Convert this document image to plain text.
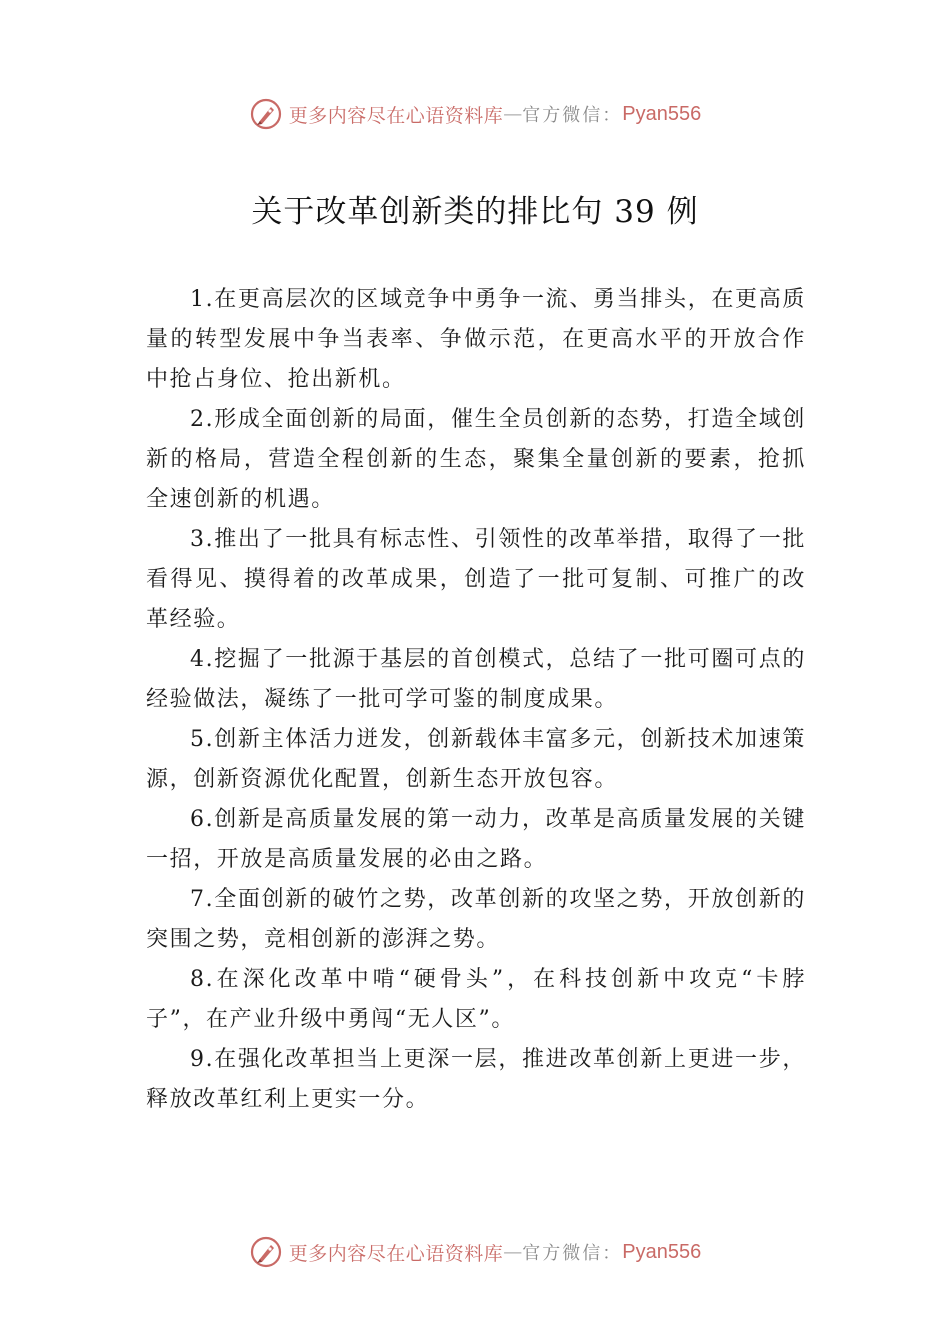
更多内容尽在心语资料库 — 官方微信： Pyan556
关于改革创新类的排比句 39 例

1.在更高层次的区域竞争中勇争一流、勇当排头，在更高质量的转型发展中争当表率、争做示范，在更高水平的开放合作中抢占身位、抢出新机。

2.形成全面创新的局面，催生全员创新的态势，打造全域创新的格局，营造全程创新的生态，聚集全量创新的要素，抢抓全速创新的机遇。

3.推出了一批具有标志性、引领性的改革举措，取得了一批看得见、摸得着的改革成果，创造了一批可复制、可推广的改革经验。

4.挖掘了一批源于基层的首创模式，总结了一批可圈可点的经验做法，凝练了一批可学可鉴的制度成果。

5.创新主体活力迸发，创新载体丰富多元，创新技术加速策源，创新资源优化配置，创新生态开放包容。

6.创新是高质量发展的第一动力，改革是高质量发展的关键一招，开放是高质量发展的必由之路。

7.全面创新的破竹之势，改革创新的攻坚之势，开放创新的突围之势，竞相创新的澎湃之势。

8.在深化改革中啃“硬骨头”，在科技创新中攻克“卡脖子”，在产业升级中勇闯“无人区”。

9.在强化改革担当上更深一层，推进改革创新上更进一步，释放改革红利上更实一分。

更多内容尽在心语资料库 — 官方微信： Pyan556
